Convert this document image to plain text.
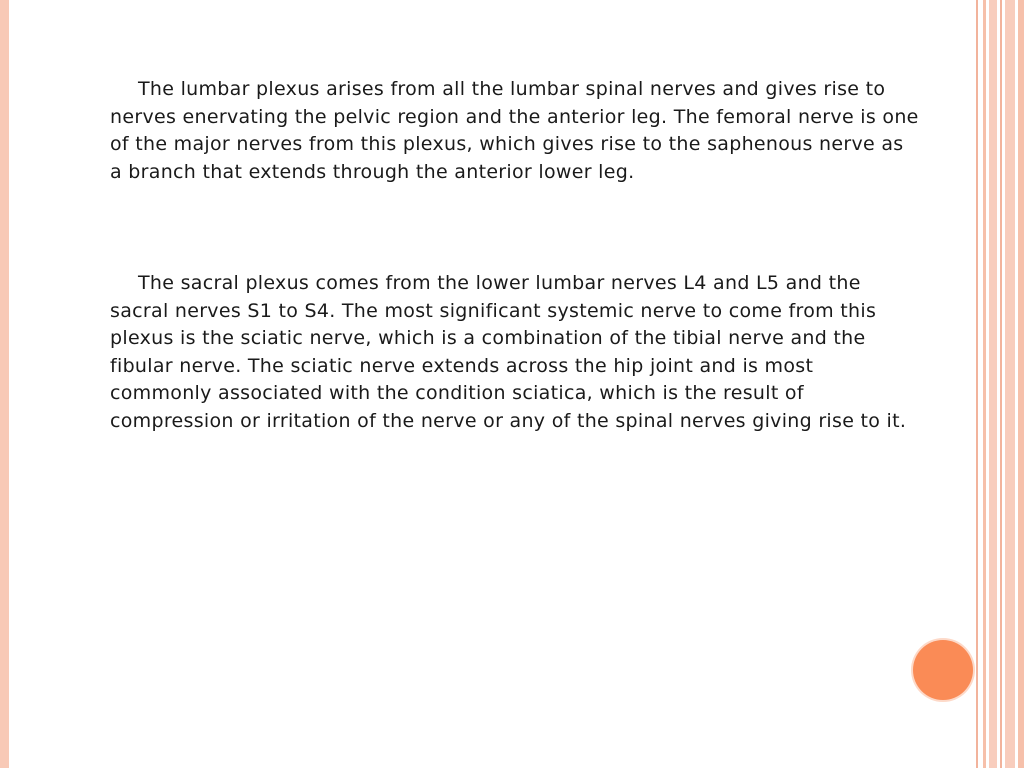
The lumbar plexus arises from all the lumbar spinal nerves and gives rise to nerves enervating the pelvic region and the anterior leg. The femoral nerve is one of the major nerves from this plexus, which gives rise to the saphenous nerve as a branch that extends through the anterior lower leg.

The sacral plexus comes from the lower lumbar nerves L4 and L5 and the sacral nerves S1 to S4. The most significant systemic nerve to come from this plexus is the sciatic nerve, which is a combination of the tibial nerve and the fibular nerve. The sciatic nerve extends across the hip joint and is most commonly associated with the condition sciatica, which is the result of compression or irritation of the nerve or any of the spinal nerves giving rise to it.
